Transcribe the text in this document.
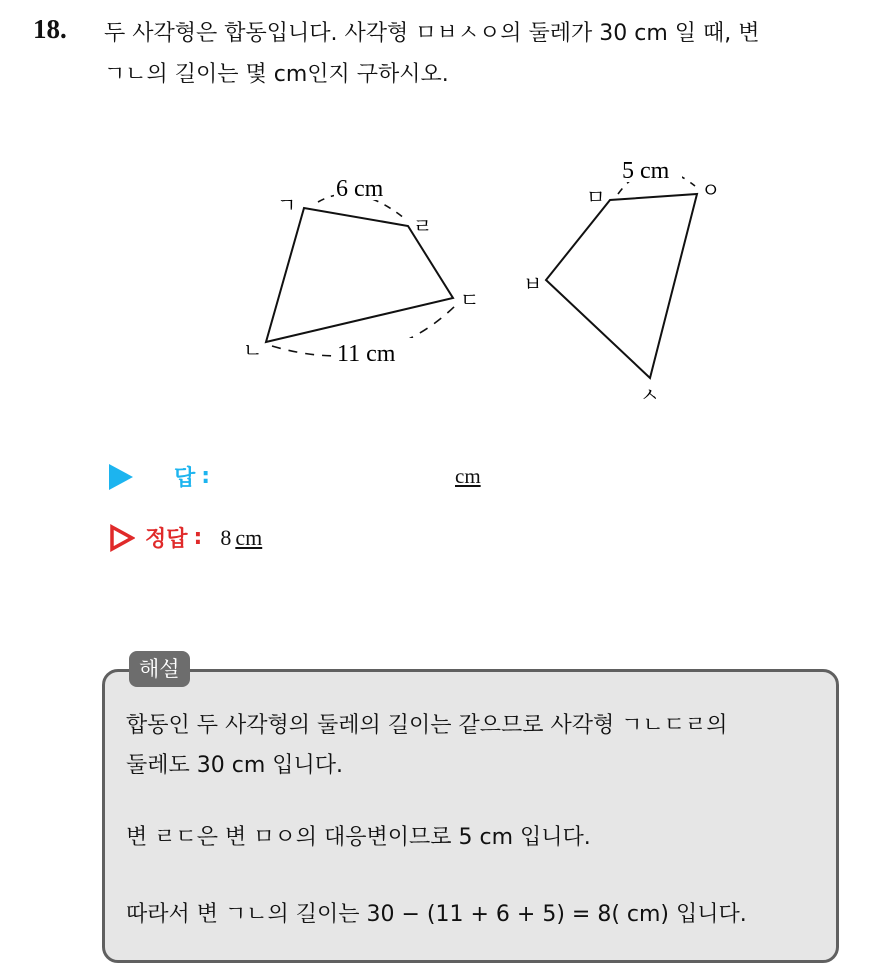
18. 두 사각형은 합동입니다. 사각형 ㅁㅂㅅㅇ의 둘레가 30 cm 일 때, 변
ㄱㄴ의 길이는 몇 cm인지 구하시오.
6 cm
11 cm
ㄱ
ㄴ
ㄷ
ㄹ
5 cm
ㅁ
ㅂ
ㅅ
ㅇ
답 :	cm
정답 : 8 cm
해설
합동인 두 사각형의 둘레의 길이는 같으므로 사각형 ㄱㄴㄷㄹ의
둘레도 30 cm 입니다.
변 ㄹㄷ은 변 ㅁㅇ의 대응변이므로 5 cm 입니다.
따라서 변 ㄱㄴ의 길이는 30 − (11 + 6 + 5) = 8( cm) 입니다.
